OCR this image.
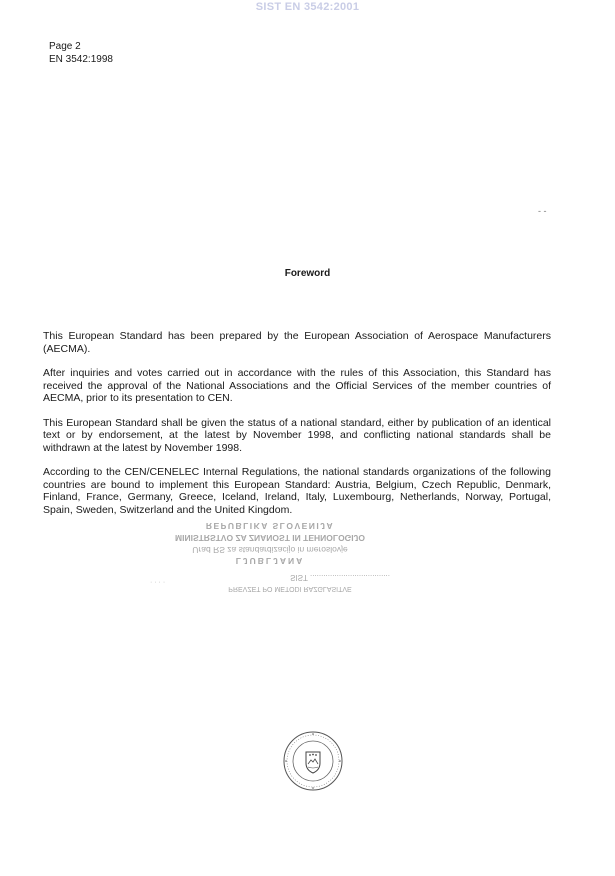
SIST EN 3542:2001
Page 2
EN 3542:1998
- -
Foreword

This European Standard has been prepared by the European Association of Aerospace Manufacturers (AECMA).

After inquiries and votes carried out in accordance with the rules of this Association, this Standard has received the approval of the National Associations and the Official Services of the member countries of AECMA, prior to its presentation to CEN.

This European Standard shall be given the status of a national standard, either by publication of an identical text or by endorsement, at the latest by November 1998, and conflicting national standards shall be withdrawn at the latest by November 1998.

According to the CEN/CENELEC Internal Regulations, the national standards organizations of the following countries are bound to implement this European Standard: Austria, Belgium, Czech Republic, Denmark, Finland, France, Germany, Greece, Iceland, Ireland, Italy, Luxembourg, Netherlands, Norway, Portugal, Spain, Sweden, Switzerland and the United Kingdom.

REPUBLIKA SLOVENIJA
MINISTRSTVO ZA ZNANOST IN TEHNOLOGIJO
Urad RS za standardizacijo in meroslovje
LJUBLJANA
· · · ·
SIST ....................................
PREVZET PO METODI RAZGLASITVE
